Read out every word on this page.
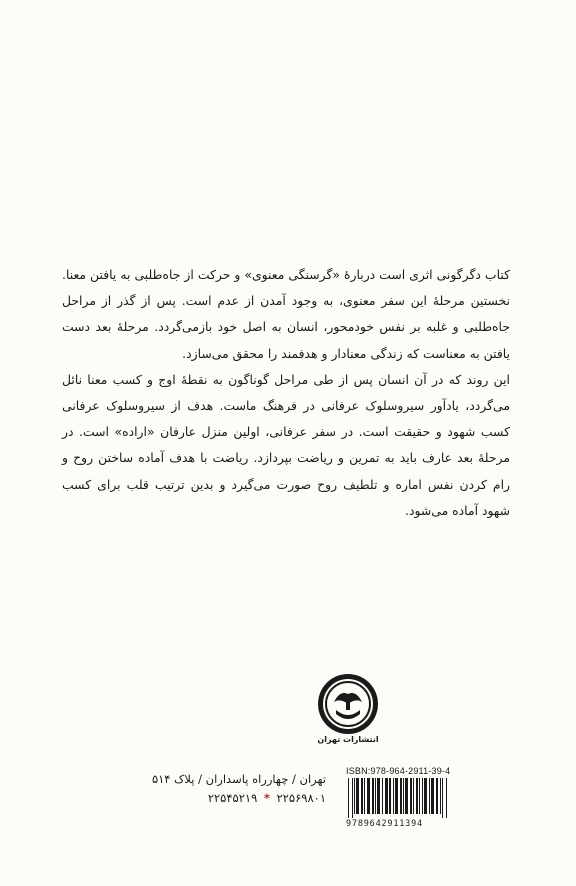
کتاب دگرگونی اثری است دربارهٔ «گرسنگی معنوی» و حرکت از جاه‌طلبی به یافتن معنا. نخستین مرحلهٔ این سفر معنوی، به وجود آمدن از عدم است. پس از گذر از مراحل جاه‌طلبی و غلبه بر نفس خودمحور، انسان به اصل خود بازمی‌گردد. مرحلهٔ بعد دست یافتن به معناست که زندگی معنادار و هدفمند را محقق می‌سازد.

این روند که در آن انسان پس از طی مراحل گوناگون به نقطهٔ اوج و کسب معنا نائل می‌گردد، یادآور سیروسلوک عرفانی در فرهنگ ماست. هدف از سیروسلوک عرفانی کسب شهود و حقیقت است. در سفر عرفانی، اولین منزل عارفان «اراده» است. در مرحلهٔ بعد عارف باید به تمرین و ریاضت بپردازد. ریاضت با هدف آماده ساختن روح و رام کردن نفس اماره و تلطیف روح صورت می‌گیرد و بدین ترتیب قلب برای کسب شهود آماده می‌شود.

انتشارات تهران
تهران / چهارراه پاسداران / پلاک ۵۱۴
۲۲۵۶۹۸۰۱ * ۲۲۵۴۵۲۱۹
ISBN:978-964-2911-39-4
9789642911394
